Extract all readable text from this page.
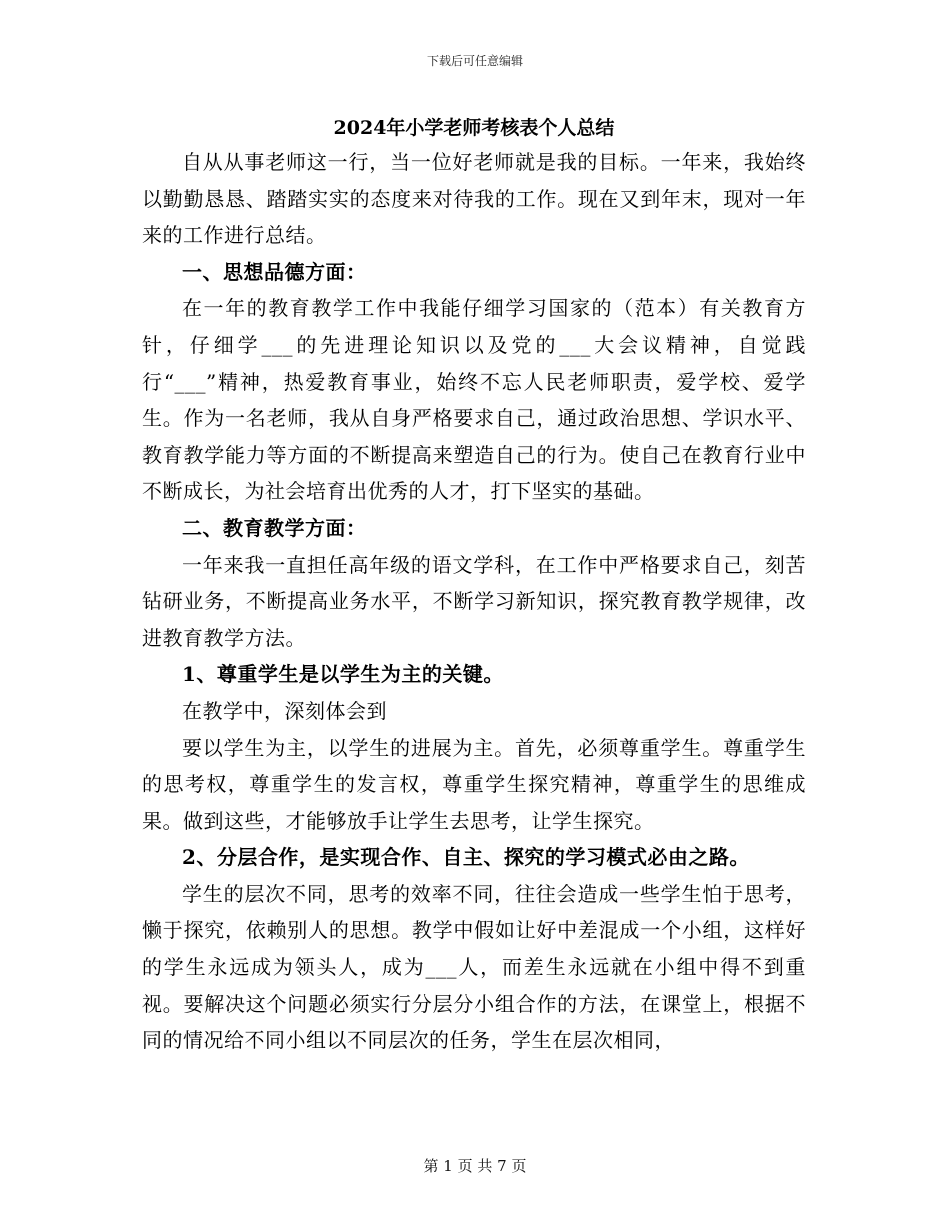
下载后可任意编辑
2024年小学老师考核表个人总结

自从从事老师这一行，当一位好老师就是我的目标。一年来，我始终以勤勤恳恳、踏踏实实的态度来对待我的工作。现在又到年末，现对一年来的工作进行总结。

一、思想品德方面：

在一年的教育教学工作中我能仔细学习国家的（范本）有关教育方针，仔细学___的先进理论知识以及党的___大会议精神，自觉践行“___”精神，热爱教育事业，始终不忘人民老师职责，爱学校、爱学生。作为一名老师，我从自身严格要求自己，通过政治思想、学识水平、教育教学能力等方面的不断提高来塑造自己的行为。使自己在教育行业中不断成长，为社会培育出优秀的人才，打下坚实的基础。

二、教育教学方面：

一年来我一直担任高年级的语文学科，在工作中严格要求自己，刻苦钻研业务，不断提高业务水平，不断学习新知识，探究教育教学规律，改进教育教学方法。

1、尊重学生是以学生为主的关键。

在教学中，深刻体会到

要以学生为主，以学生的进展为主。首先，必须尊重学生。尊重学生的思考权，尊重学生的发言权，尊重学生探究精神，尊重学生的思维成果。做到这些，才能够放手让学生去思考，让学生探究。

2、分层合作，是实现合作、自主、探究的学习模式必由之路。

学生的层次不同，思考的效率不同，往往会造成一些学生怕于思考，懒于探究，依赖别人的思想。教学中假如让好中差混成一个小组，这样好的学生永远成为领头人，成为___人，而差生永远就在小组中得不到重视。要解决这个问题必须实行分层分小组合作的方法，在课堂上，根据不同的情况给不同小组以不同层次的任务，学生在层次相同，

第 1 页 共 7 页
